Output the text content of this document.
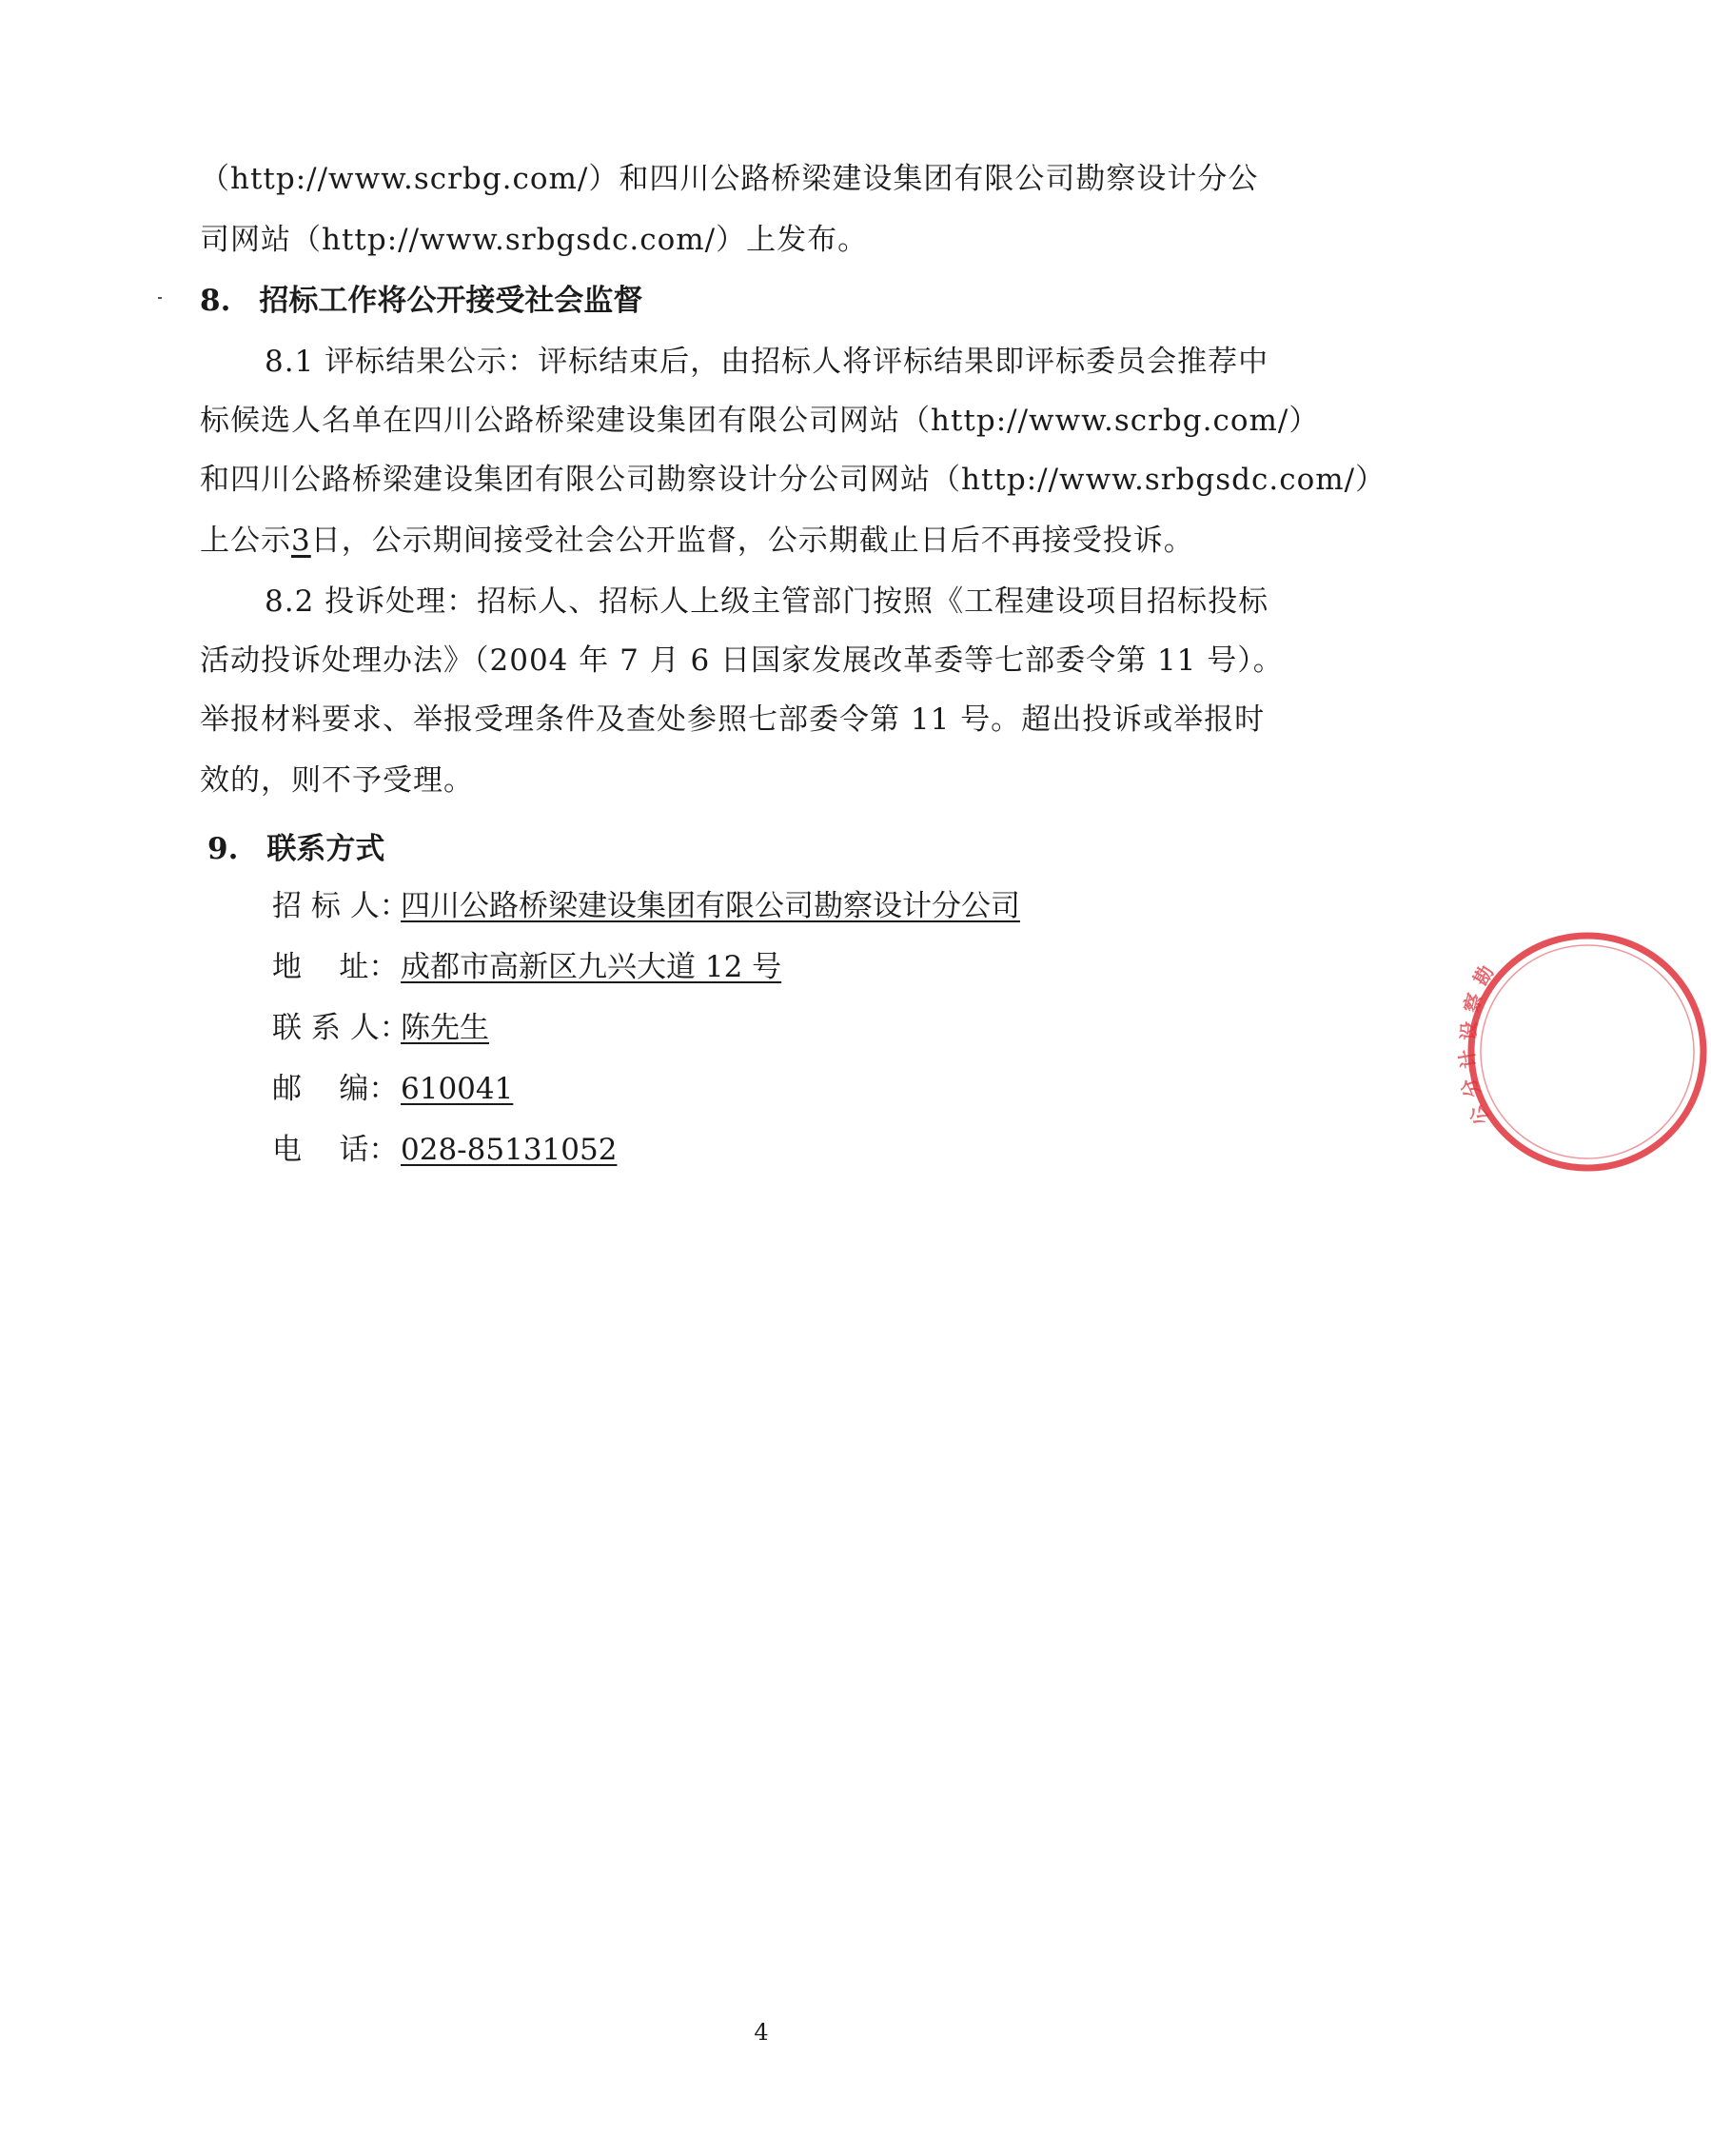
（http://www.scrbg.com/）和四川公路桥梁建设集团有限公司勘察设计分公
司网站（http://www.srbgsdc.com/）上发布。
8. 招标工作将公开接受社会监督
8.1 评标结果公示：评标结束后，由招标人将评标结果即评标委员会推荐中
标候选人名单在四川公路桥梁建设集团有限公司网站（http://www.scrbg.com/）
和四川公路桥梁建设集团有限公司勘察设计分公司网站（http://www.srbgsdc.com/）
上公示3日，公示期间接受社会公开监督，公示期截止日后不再接受投诉。
8.2 投诉处理：招标人、招标人上级主管部门按照《工程建设项目招标投标
活动投诉处理办法》（2004 年 7 月 6 日国家发展改革委等七部委令第 11 号）。
举报材料要求、举报受理条件及查处参照七部委令第 11 号。超出投诉或举报时
效的，则不予受理。
9. 联系方式
招 标 人：四川公路桥梁建设集团有限公司勘察设计分公司
地    址：成都市高新区九兴大道 12 号
联 系 人：陈先生
邮    编：610041
电    话：028-85131052
勘
察
设
计
分
公
4
